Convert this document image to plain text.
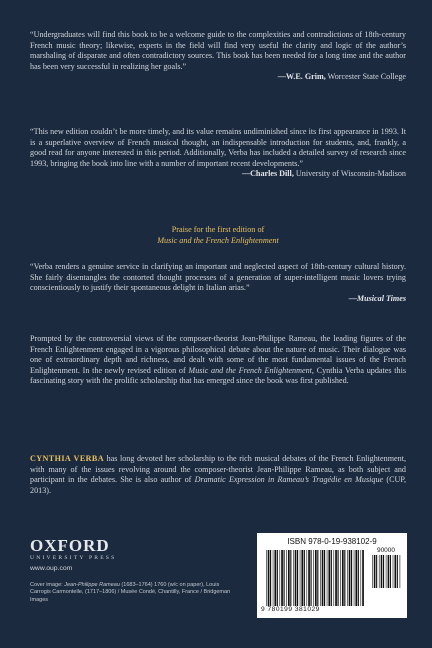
“Undergraduates will find this book to be a welcome guide to the complexities and contradictions of 18th-century French music theory; likewise, experts in the field will find very useful the clarity and logic of the author’s marshaling of disparate and often contradictory sources. This book has been needed for a long time and the author has been very successful in realizing her goals.”
—W.E. Grim, Worcester State College
“This new edition couldn’t be more timely, and its value remains undiminished since its first appearance in 1993. It is a superlative overview of French musical thought, an indispensable introduction for students, and, frankly, a good read for anyone interested in this period. Additionally, Verba has included a detailed survey of research since 1993, bringing the book into line with a number of important recent developments.”
—Charles Dill, University of Wisconsin-Madison
Praise for the first edition of
Music and the French Enlightenment
“Verba renders a genuine service in clarifying an important and neglected aspect of 18th-century cultural history. She fairly disentangles the contorted thought processes of a generation of super-intelligent music lovers trying conscientiously to justify their spontaneous delight in Italian arias.”
—Musical Times
Prompted by the controversial views of the composer-theorist Jean-Philippe Rameau, the leading figures of the French Enlightenment engaged in a vigorous philosophical debate about the nature of music. Their dialogue was one of extraordinary depth and richness, and dealt with some of the most fundamental issues of the French Enlightenment. In the newly revised edition of Music and the French Enlightenment, Cynthia Verba updates this fascinating story with the prolific scholarship that has emerged since the book was first published.
CYNTHIA VERBA has long devoted her scholarship to the rich musical debates of the French Enlightenment, with many of the issues revolving around the composer-theorist Jean-Philippe Rameau, as both subject and participant in the debates. She is also author of Dramatic Expression in Rameau’s Tragédie en Musique (CUP, 2013).
OXFORD
UNIVERSITY PRESS
www.oup.com
Cover image: Jean-Philippe Rameau (1683–1764) 1760 (w/c on paper), Louis Carrogis Carmontelle, (1717–1806) / Musée Condé, Chantilly, France / Bridgeman Images
ISBN 978-0-19-938102-9
90000
9 780199 381029
